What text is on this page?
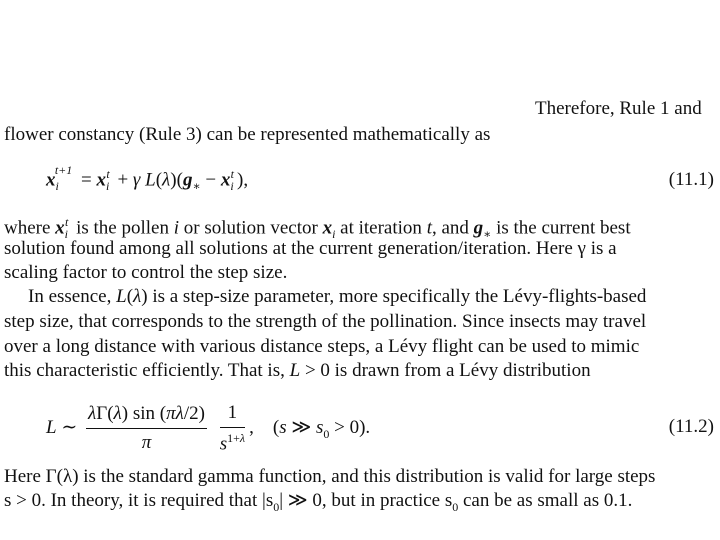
Therefore, Rule 1 and
flower constancy (Rule 3) can be represented mathematically as
$x_i^{t+1} = x_i^t + \gamma$ $L(\lambda)(g_∗ - x_i^t$ ),	(11.1)
where $x_i^t$ is the pollen i or solution vector $x_i$ at iteration t, and $g_∗$ is the current best
solution found among all solutions at the current generation/iteration. Here γ is a
scaling factor to control the step size.
In essence, L(λ) is a step-size parameter, more specifically the Lévy-flights-based
step size, that corresponds to the strength of the pollination. Since insects may travel
over a long distance with various distance steps, a Lévy flight can be used to mimic
this characteristic efficiently. That is, L > 0 is drawn from a Lévy distribution
L ∼ $\frac{\lambda\Gamma(\lambda) \sin (\pi\lambda/2)}{\pi}$
$\frac{1}{s^{1+\lambda}}$ ,    (s ≫ $s_0 > 0$).	(11.2)
Here Γ(λ) is the standard gamma function, and this distribution is valid for large steps
s > 0. In theory, it is required that $|s_0|$ ≫ 0, but in practice $s_0$ can be as small as 0.1.
